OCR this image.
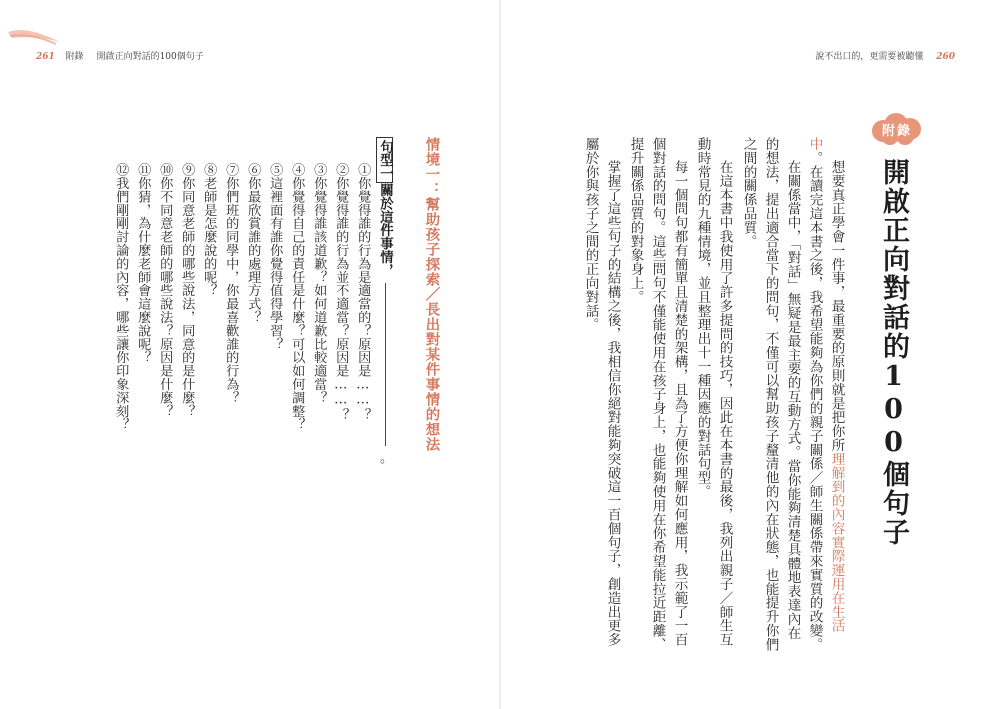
261 附錄 開啟正向對話的100個句子	說不出口的，更需要被聽懂 260
附錄
開啟正向對話的100個句子
想要真正學會一件事，最重要的原則就是把你所理解到的內容實際運用在生活
中。在讀完這本書之後，我希望能夠為你們的親子關係／師生關係帶來實質的改變。
在關係當中，「對話」無疑是最主要的互動方式。當你能夠清楚具體地表達內在
的想法，提出適合當下的問句，不僅可以幫助孩子釐清他的內在狀態，也能提升你們
之間的關係品質。
在這本書中我使用了許多提問的技巧，因此在本書的最後，我列出親子／師生互
動時常見的九種情境，並且整理出十一種因應的對話句型。
每一個問句都有簡單且清楚的架構，且為了方便你理解如何應用，我示範了一百
個對話的問句。這些問句不僅能使用在孩子身上，也能夠使用在你希望能拉近距離、
提升關係品質的對象身上。
掌握了這些句子的結構之後，我相信你絕對能夠突破這一百個句子，創造出更多
屬於你與孩子之間的正向對話。
情境一：幫助孩子探索／長出對某件事情的想法
句型一關於這件事情，
。
①你覺得誰的行為是適當的？原因是……？
②你覺得誰的行為並不適當？原因是……？
③你覺得誰該道歉？如何道歉比較適當？
④你覺得自己的責任是什麼？可以如何調整？
⑤這裡面有誰你覺得值得學習？
⑥你最欣賞誰的處理方式？
⑦你們班的同學中，你最喜歡誰的行為？
⑧老師是怎麼說的呢？
⑨你同意老師的哪些說法，同意的是什麼？
⑩你不同意老師的哪些說法？原因是什麼？
⑪你猜，為什麼老師會這麼說呢？
⑫我們剛剛討論的內容，哪些讓你印象深刻？
